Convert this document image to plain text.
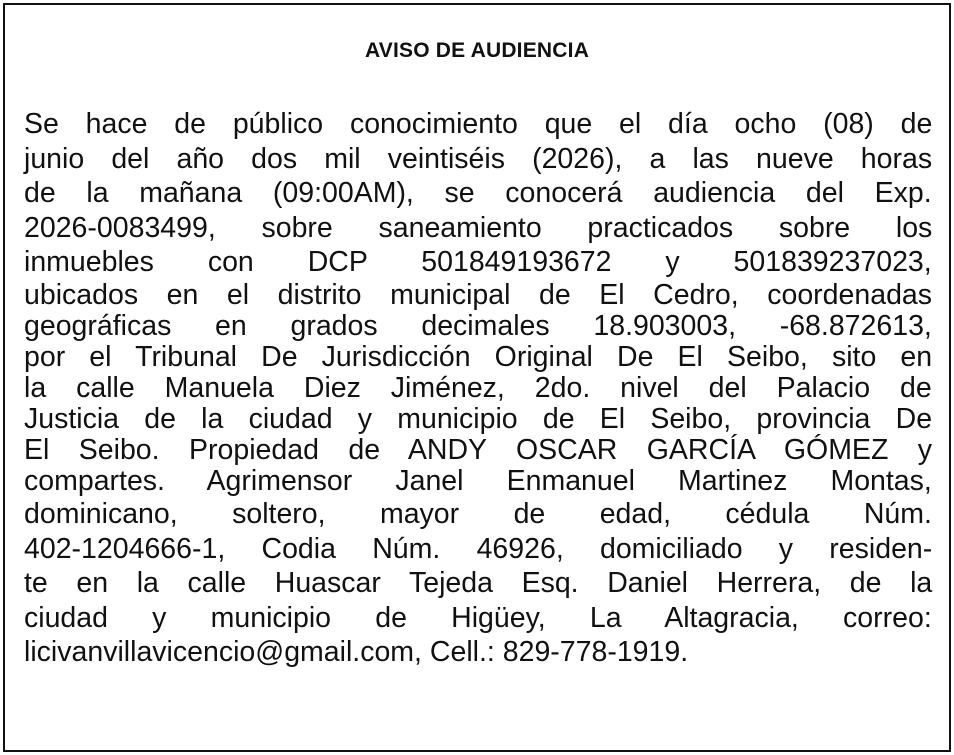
AVISO DE AUDIENCIA
Se hace de público conocimiento que el día ocho (08) de
junio del año dos mil veintiséis (2026), a las nueve horas
de la mañana (09:00AM), se conocerá audiencia del Exp.
2026-0083499, sobre saneamiento practicados sobre los
inmuebles con DCP 501849193672 y 501839237023,
ubicados en el distrito municipal de El Cedro, coordenadas
geográficas en grados decimales 18.903003, -68.872613,
por el Tribunal De Jurisdicción Original De El Seibo, sito en
la calle Manuela Diez Jiménez, 2do. nivel del Palacio de
Justicia de la ciudad y municipio de El Seibo, provincia De
El Seibo. Propiedad de ANDY OSCAR GARCÍA GÓMEZ y
compartes. Agrimensor Janel Enmanuel Martinez Montas,
dominicano, soltero, mayor de edad, cédula Núm.
402-1204666-1, Codia Núm. 46926, domiciliado y residen-
te en la calle Huascar Tejeda Esq. Daniel Herrera, de la
ciudad y municipio de Higüey, La Altagracia, correo:
licivanvillavicencio@gmail.com, Cell.: 829-778-1919.
